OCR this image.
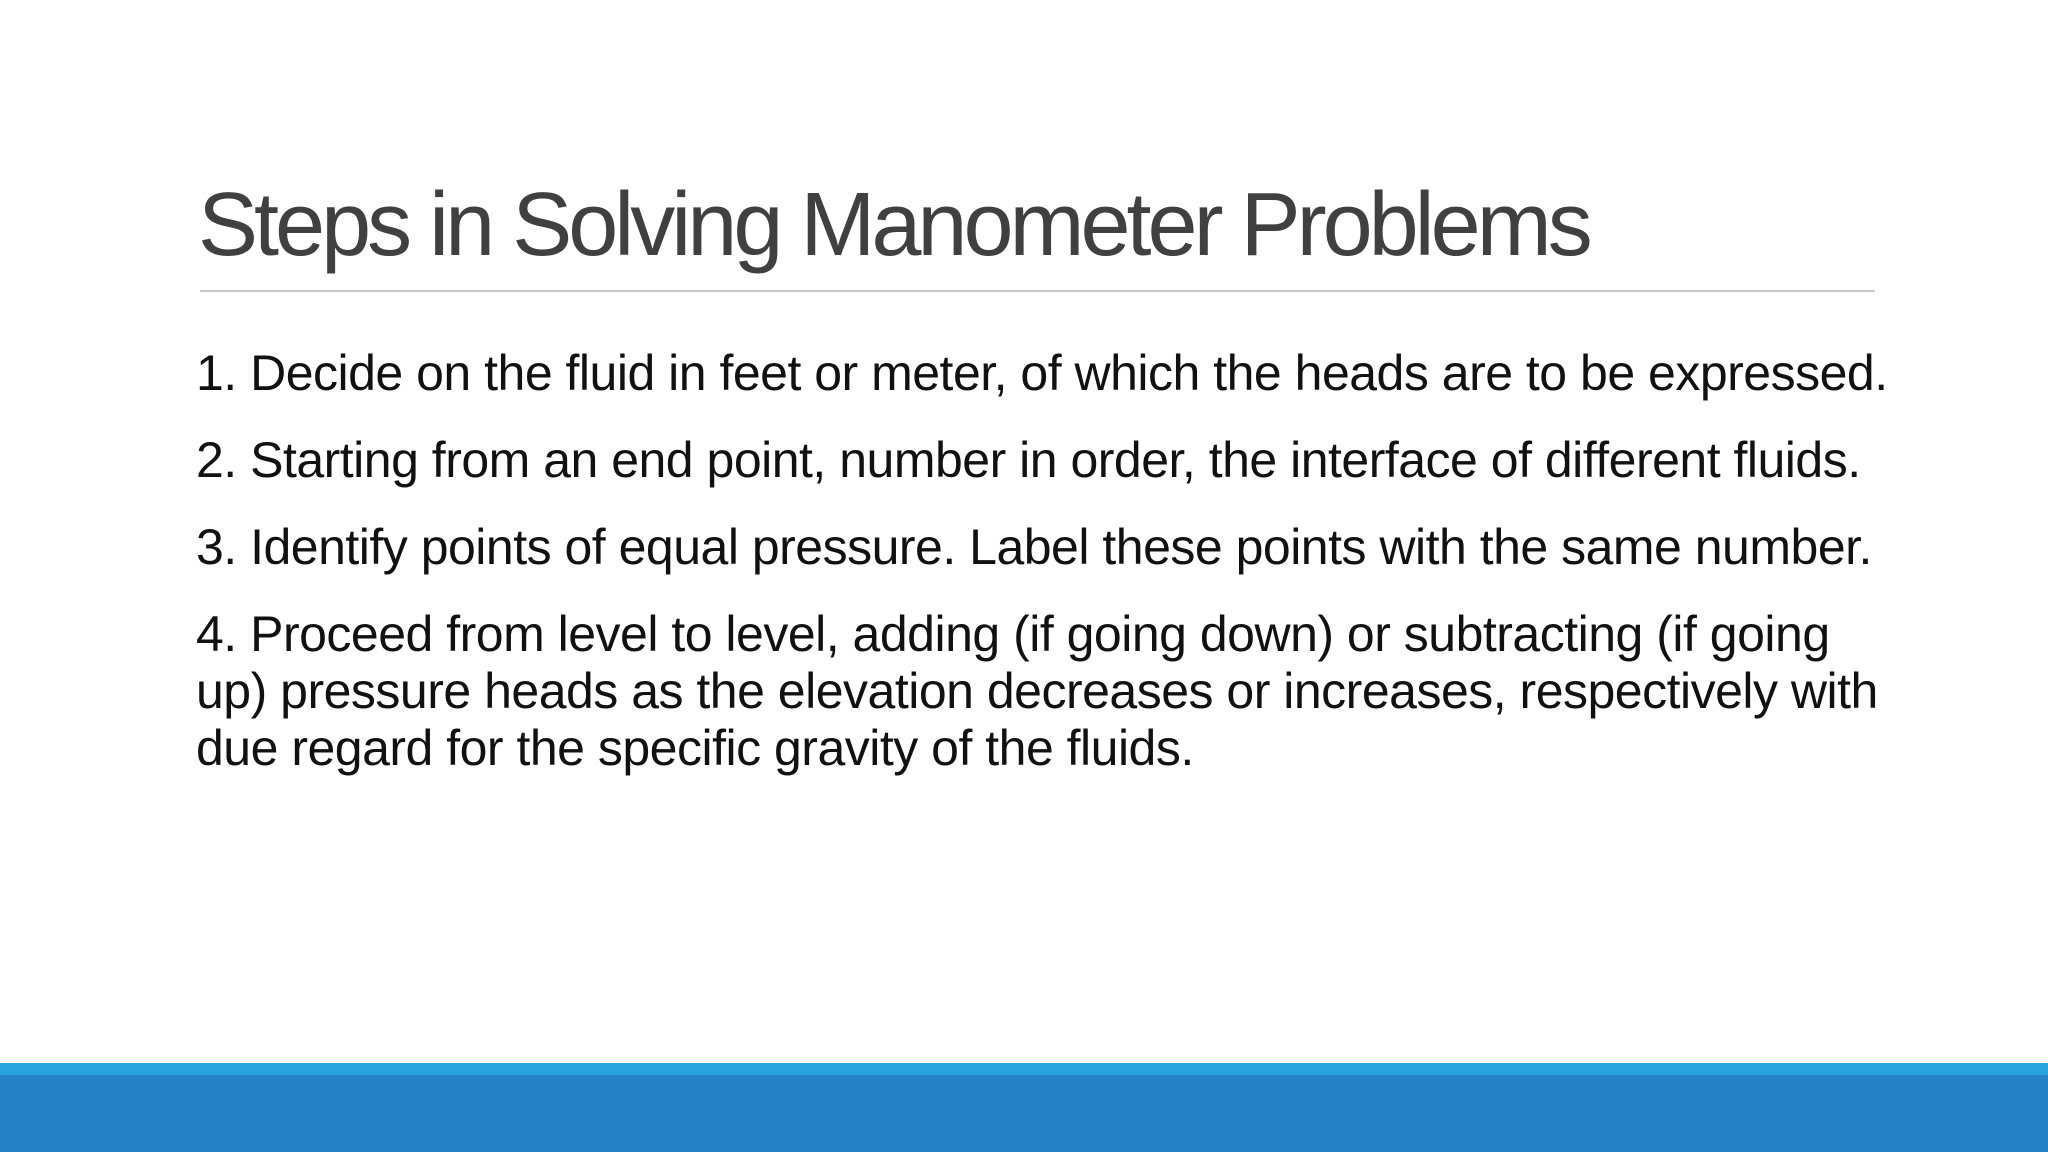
Steps in Solving Manometer Problems
1. Decide on the fluid in feet or meter, of which the heads are to be expressed.
2. Starting from an end point, number in order, the interface of different fluids.
3. Identify points of equal pressure. Label these points with the same number.
4. Proceed from level to level, adding (if going down) or subtracting (if going up) pressure heads as the elevation decreases or increases, respectively with due regard for the specific gravity of the fluids.
